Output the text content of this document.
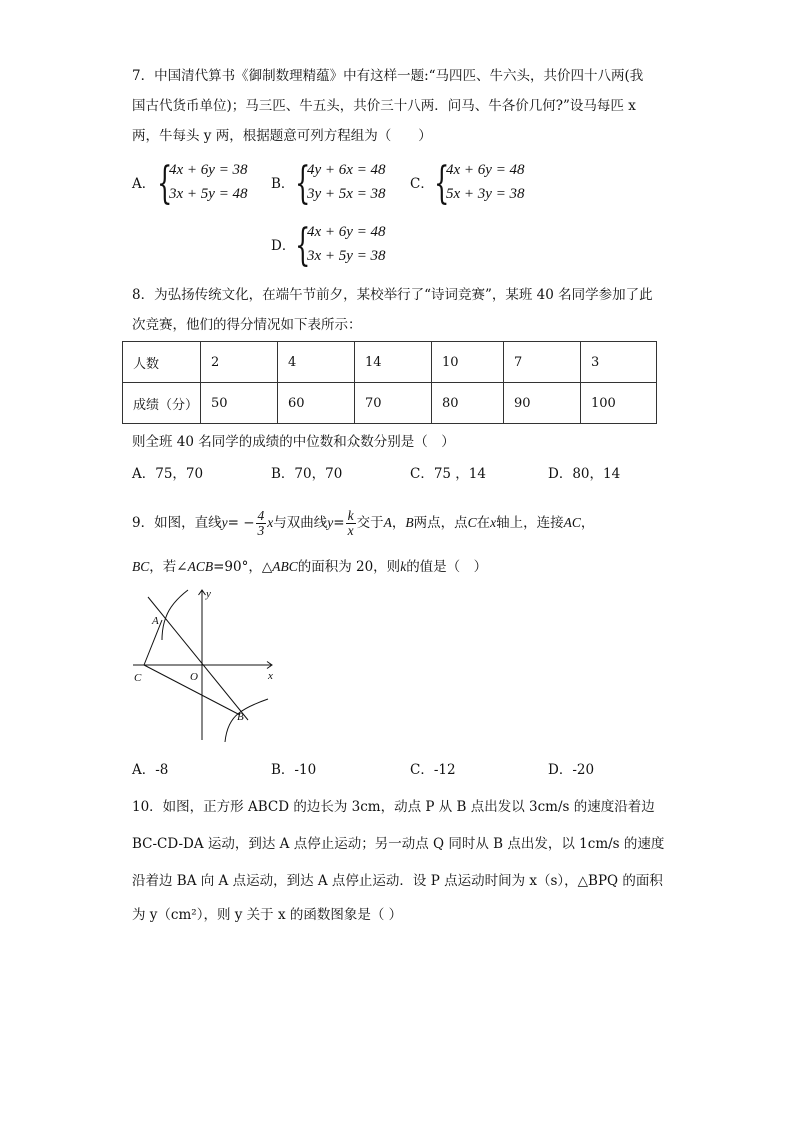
7．中国清代算书《御制数理精蕴》中有这样一题:“马四匹、牛六头，共价四十八两(我
国古代货币单位)；马三匹、牛五头，共价三十八两．问马、牛各价几何?”设马每匹 x
两，牛每头 y 两，根据题意可列方程组为（　　）
A． {
4x + 6y = 38
3x + 5y = 48
B． {
4y + 6x = 48
3y + 5x = 38
C． {
4x + 6y = 48
5x + 3y = 38
D． {
4x + 6y = 48
3x + 5y = 38
8．为弘扬传统文化，在端午节前夕，某校举行了“诗词竞赛”，某班 40 名同学参加了此
次竞赛，他们的得分情况如下表所示：
人数	2	4	14	10	7	3
成绩（分）	50	60	70	80	90	100
则全班 40 名同学的成绩的中位数和众数分别是（　）
A．75，70	B．70，70	C．75 ，14	D．80，14
9．如图，直线$y= - \frac{4}{3}$ x与双曲线$y= \frac{k}{x}$ 交于A，B两点，点C在x轴上，连接AC，
BC，若∠ACB=90°，△ABC的面积为 20，则k的值是（　）
y
x
A
B
C	O
A．-8	B．-10	C．-12	D．-20
10．如图，正方形 ABCD 的边长为 3cm，动点 P 从 B 点出发以 3cm/s 的速度沿着边
BC-CD-DA 运动，到达 A 点停止运动；另一动点 Q 同时从 B 点出发，以 1cm/s 的速度
沿着边 BA 向 A 点运动，到达 A 点停止运动．设 P 点运动时间为 x（s），△BPQ 的面积
为 y（cm²），则 y 关于 x 的函数图象是（ ）
